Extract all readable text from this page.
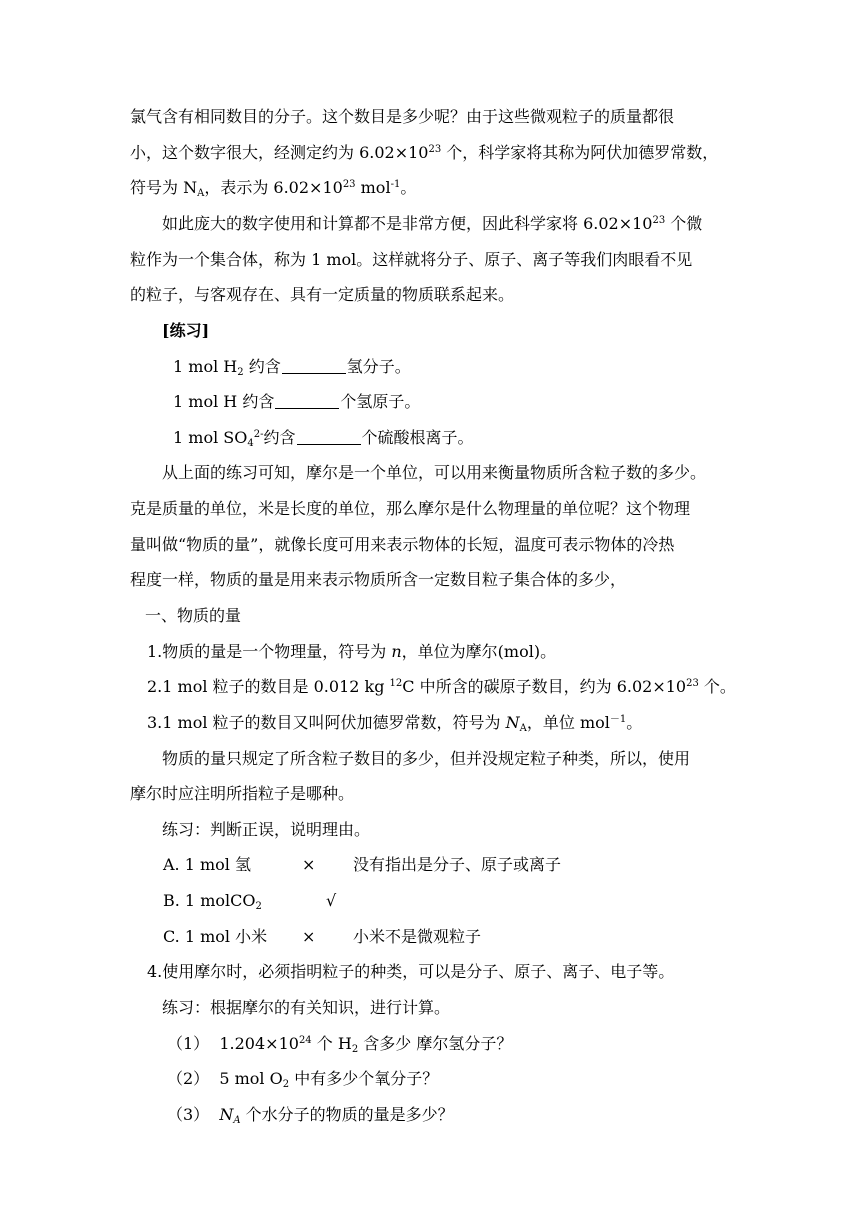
氯气含有相同数目的分子。这个数目是多少呢？由于这些微观粒子的质量都很
小，这个数字很大，经测定约为 $6.02\times 10^{23}$ 个，科学家将其称为阿伏加德罗常数，
符号为 $N_A$，表示为 $6.02\times 10^{23}$ mol$^{-1}$。
如此庞大的数字使用和计算都不是非常方便，因此科学家将 $6.02\times 10^{23}$ 个微
粒作为一个集合体，称为 1 mol。这样就将分子、原子、离子等我们肉眼看不见
的粒子，与客观存在、具有一定质量的物质联系起来。
[练习]
1 mol $H_2$ 约含	氢分子。
1 mol H 约含	个氢原子。
1 mol $SO_4^{2-}$约含	个硫酸根离子。
从上面的练习可知，摩尔是一个单位，可以用来衡量物质所含粒子数的多少。
克是质量的单位，米是长度的单位，那么摩尔是什么物理量的单位呢？这个物理
量叫做“物质的量”，就像长度可用来表示物体的长短，温度可表示物体的冷热
程度一样，物质的量是用来表示物质所含一定数目粒子集合体的多少，
一、物质的量
1.物质的量是一个物理量，符号为 n，单位为摩尔(mol)。
2.1 mol 粒子的数目是 0.012 kg $^{12}$C 中所含的碳原子数目，约为 $6.02\times 10^{23}$ 个。
3.1 mol 粒子的数目又叫阿伏加德罗常数，符号为 $N_A$，单位 mol$^{-1}$。
物质的量只规定了所含粒子数目的多少，但并没规定粒子种类，所以，使用
摩尔时应注明所指粒子是哪种。
练习：判断正误，说明理由。
A. 1 mol 氢	× 没有指出是分子、原子或离子
B. 1 molCO$_2$	√
C. 1 mol 小米 × 小米不是微观粒子
4.使用摩尔时，必须指明粒子的种类，可以是分子、原子、离子、电子等。
练习：根据摩尔的有关知识，进行计算。
（1） $1.204\times 10^{24}$ 个 $H_2$ 含多少 摩尔氢分子？
（2） 5 mol $O_2$ 中有多少个氧分子？
（3） $N_A$ 个水分子的物质的量是多少？
